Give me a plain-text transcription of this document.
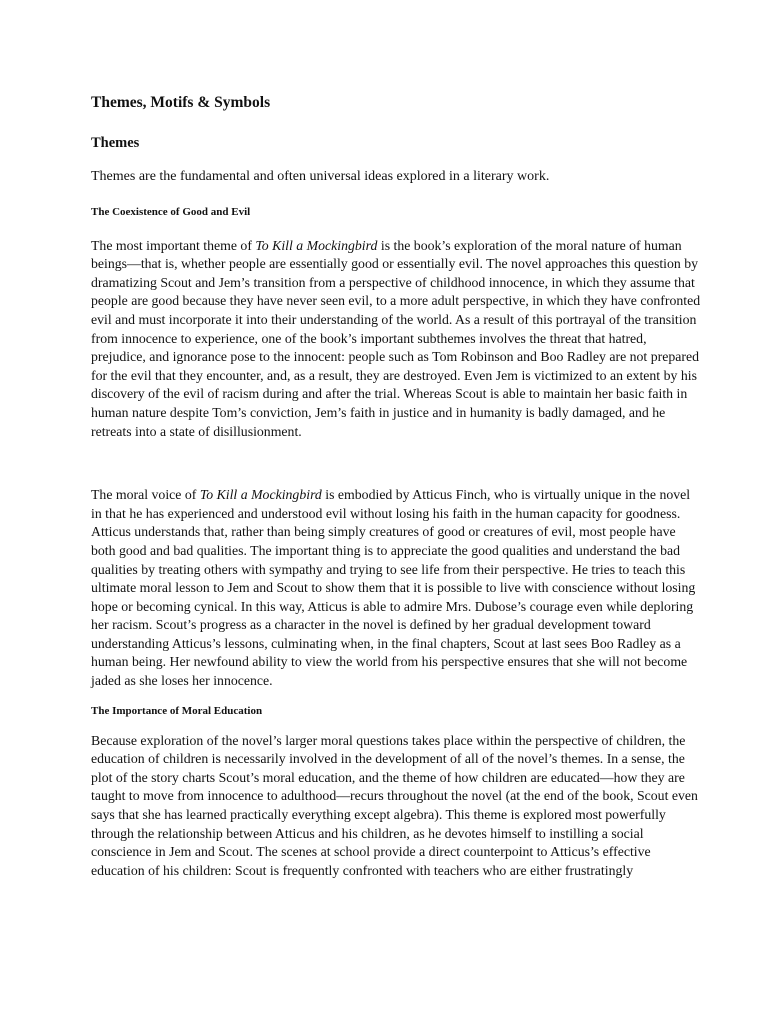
Themes, Motifs & Symbols
Themes

Themes are the fundamental and often universal ideas explored in a literary work.

The Coexistence of Good and Evil

The most important theme of To Kill a Mockingbird is the book’s exploration of the moral nature of human beings—that is, whether people are essentially good or essentially evil. The novel approaches this question by dramatizing Scout and Jem’s transition from a perspective of childhood innocence, in which they assume that people are good because they have never seen evil, to a more adult perspective, in which they have confronted evil and must incorporate it into their understanding of the world. As a result of this portrayal of the transition from innocence to experience, one of the book’s important subthemes involves the threat that hatred, prejudice, and ignorance pose to the innocent: people such as Tom Robinson and Boo Radley are not prepared for the evil that they encounter, and, as a result, they are destroyed. Even Jem is victimized to an extent by his discovery of the evil of racism during and after the trial. Whereas Scout is able to maintain her basic faith in human nature despite Tom’s conviction, Jem’s faith in justice and in humanity is badly damaged, and he retreats into a state of disillusionment.

The moral voice of To Kill a Mockingbird is embodied by Atticus Finch, who is virtually unique in the novel in that he has experienced and understood evil without losing his faith in the human capacity for goodness. Atticus understands that, rather than being simply creatures of good or creatures of evil, most people have both good and bad qualities. The important thing is to appreciate the good qualities and understand the bad qualities by treating others with sympathy and trying to see life from their perspective. He tries to teach this ultimate moral lesson to Jem and Scout to show them that it is possible to live with conscience without losing hope or becoming cynical. In this way, Atticus is able to admire Mrs. Dubose’s courage even while deploring her racism. Scout’s progress as a character in the novel is defined by her gradual development toward understanding Atticus’s lessons, culminating when, in the final chapters, Scout at last sees Boo Radley as a human being. Her newfound ability to view the world from his perspective ensures that she will not become jaded as she loses her innocence.

The Importance of Moral Education

Because exploration of the novel’s larger moral questions takes place within the perspective of children, the education of children is necessarily involved in the development of all of the novel’s themes. In a sense, the plot of the story charts Scout’s moral education, and the theme of how children are educated—how they are taught to move from innocence to adulthood—recurs throughout the novel (at the end of the book, Scout even says that she has learned practically everything except algebra). This theme is explored most powerfully through the relationship between Atticus and his children, as he devotes himself to instilling a social conscience in Jem and Scout. The scenes at school provide a direct counterpoint to Atticus’s effective education of his children: Scout is frequently confronted with teachers who are either frustratingly
